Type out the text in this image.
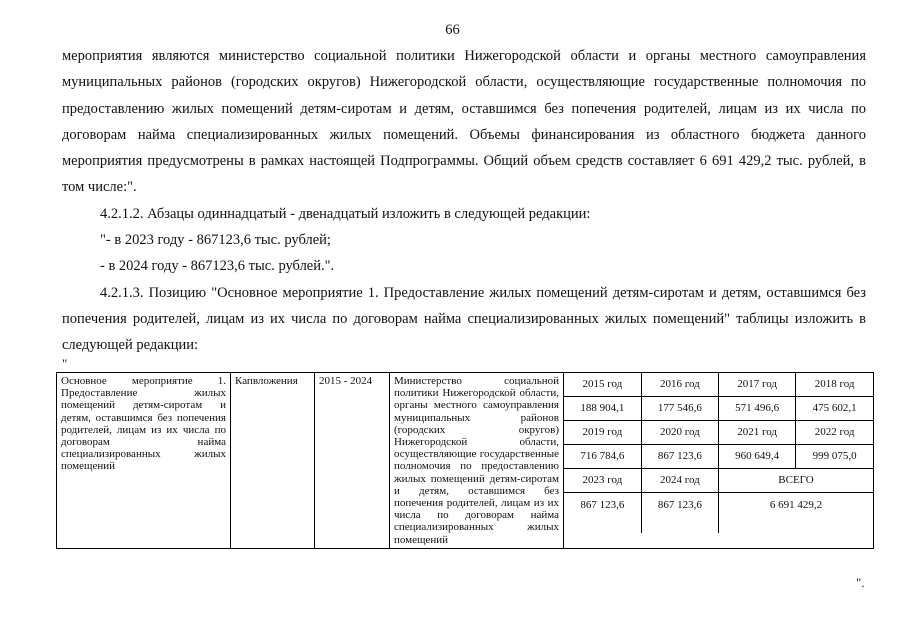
66

мероприятия являются министерство социальной политики Нижегородской области и органы местного самоуправления муниципальных районов (городских округов) Нижегородской области, осуществляющие государственные полномочия по предоставлению жилых помещений детям-сиротам и детям, оставшимся без попечения родителей, лицам из их числа по договорам найма специализированных жилых помещений. Объемы финансирования из областного бюджета данного мероприятия предусмотрены в рамках настоящей Подпрограммы. Общий объем средств составляет 6 691 429,2 тыс. рублей, в том числе:".

4.2.1.2. Абзацы одиннадцатый - двенадцатый изложить в следующей редакции:

"- в 2023 году - 867123,6 тыс. рублей;

- в 2024 году - 867123,6 тыс. рублей.".

4.2.1.3. Позицию "Основное мероприятие 1. Предоставление жилых помещений детям-сиротам и детям, оставшимся без попечения родителей, лицам из их числа по договорам найма специализированных жилых помещений" таблицы изложить в следующей редакции:

"
Основное мероприятие 1. Предоставление жилых помещений детям-сиротам и детям, оставшимся без попечения родителей, лицам из их числа по договорам найма специализированных жилых помещений	Капвложения	2015 - 2024	Министерство социальной политики Нижегородской области, органы местного самоуправления муниципальных районов (городских округов) Нижегородской области, осуществляющие государственные полномочия по предоставлению жилых помещений детям-сиротам и детям, оставшимся без попечения родителей, лицам из их числа по договорам найма специализированных жилых помещений	
2015 год	2016 год	2017 год	2018 год
188 904,1	177 546,6	571 496,6	475 602,1
2019 год	2020 год	2021 год	2022 год
716 784,6	867 123,6	960 649,4	999 075,0
2023 год	2024 год	ВСЕГО
867 123,6	867 123,6	6 691 429,2
".
